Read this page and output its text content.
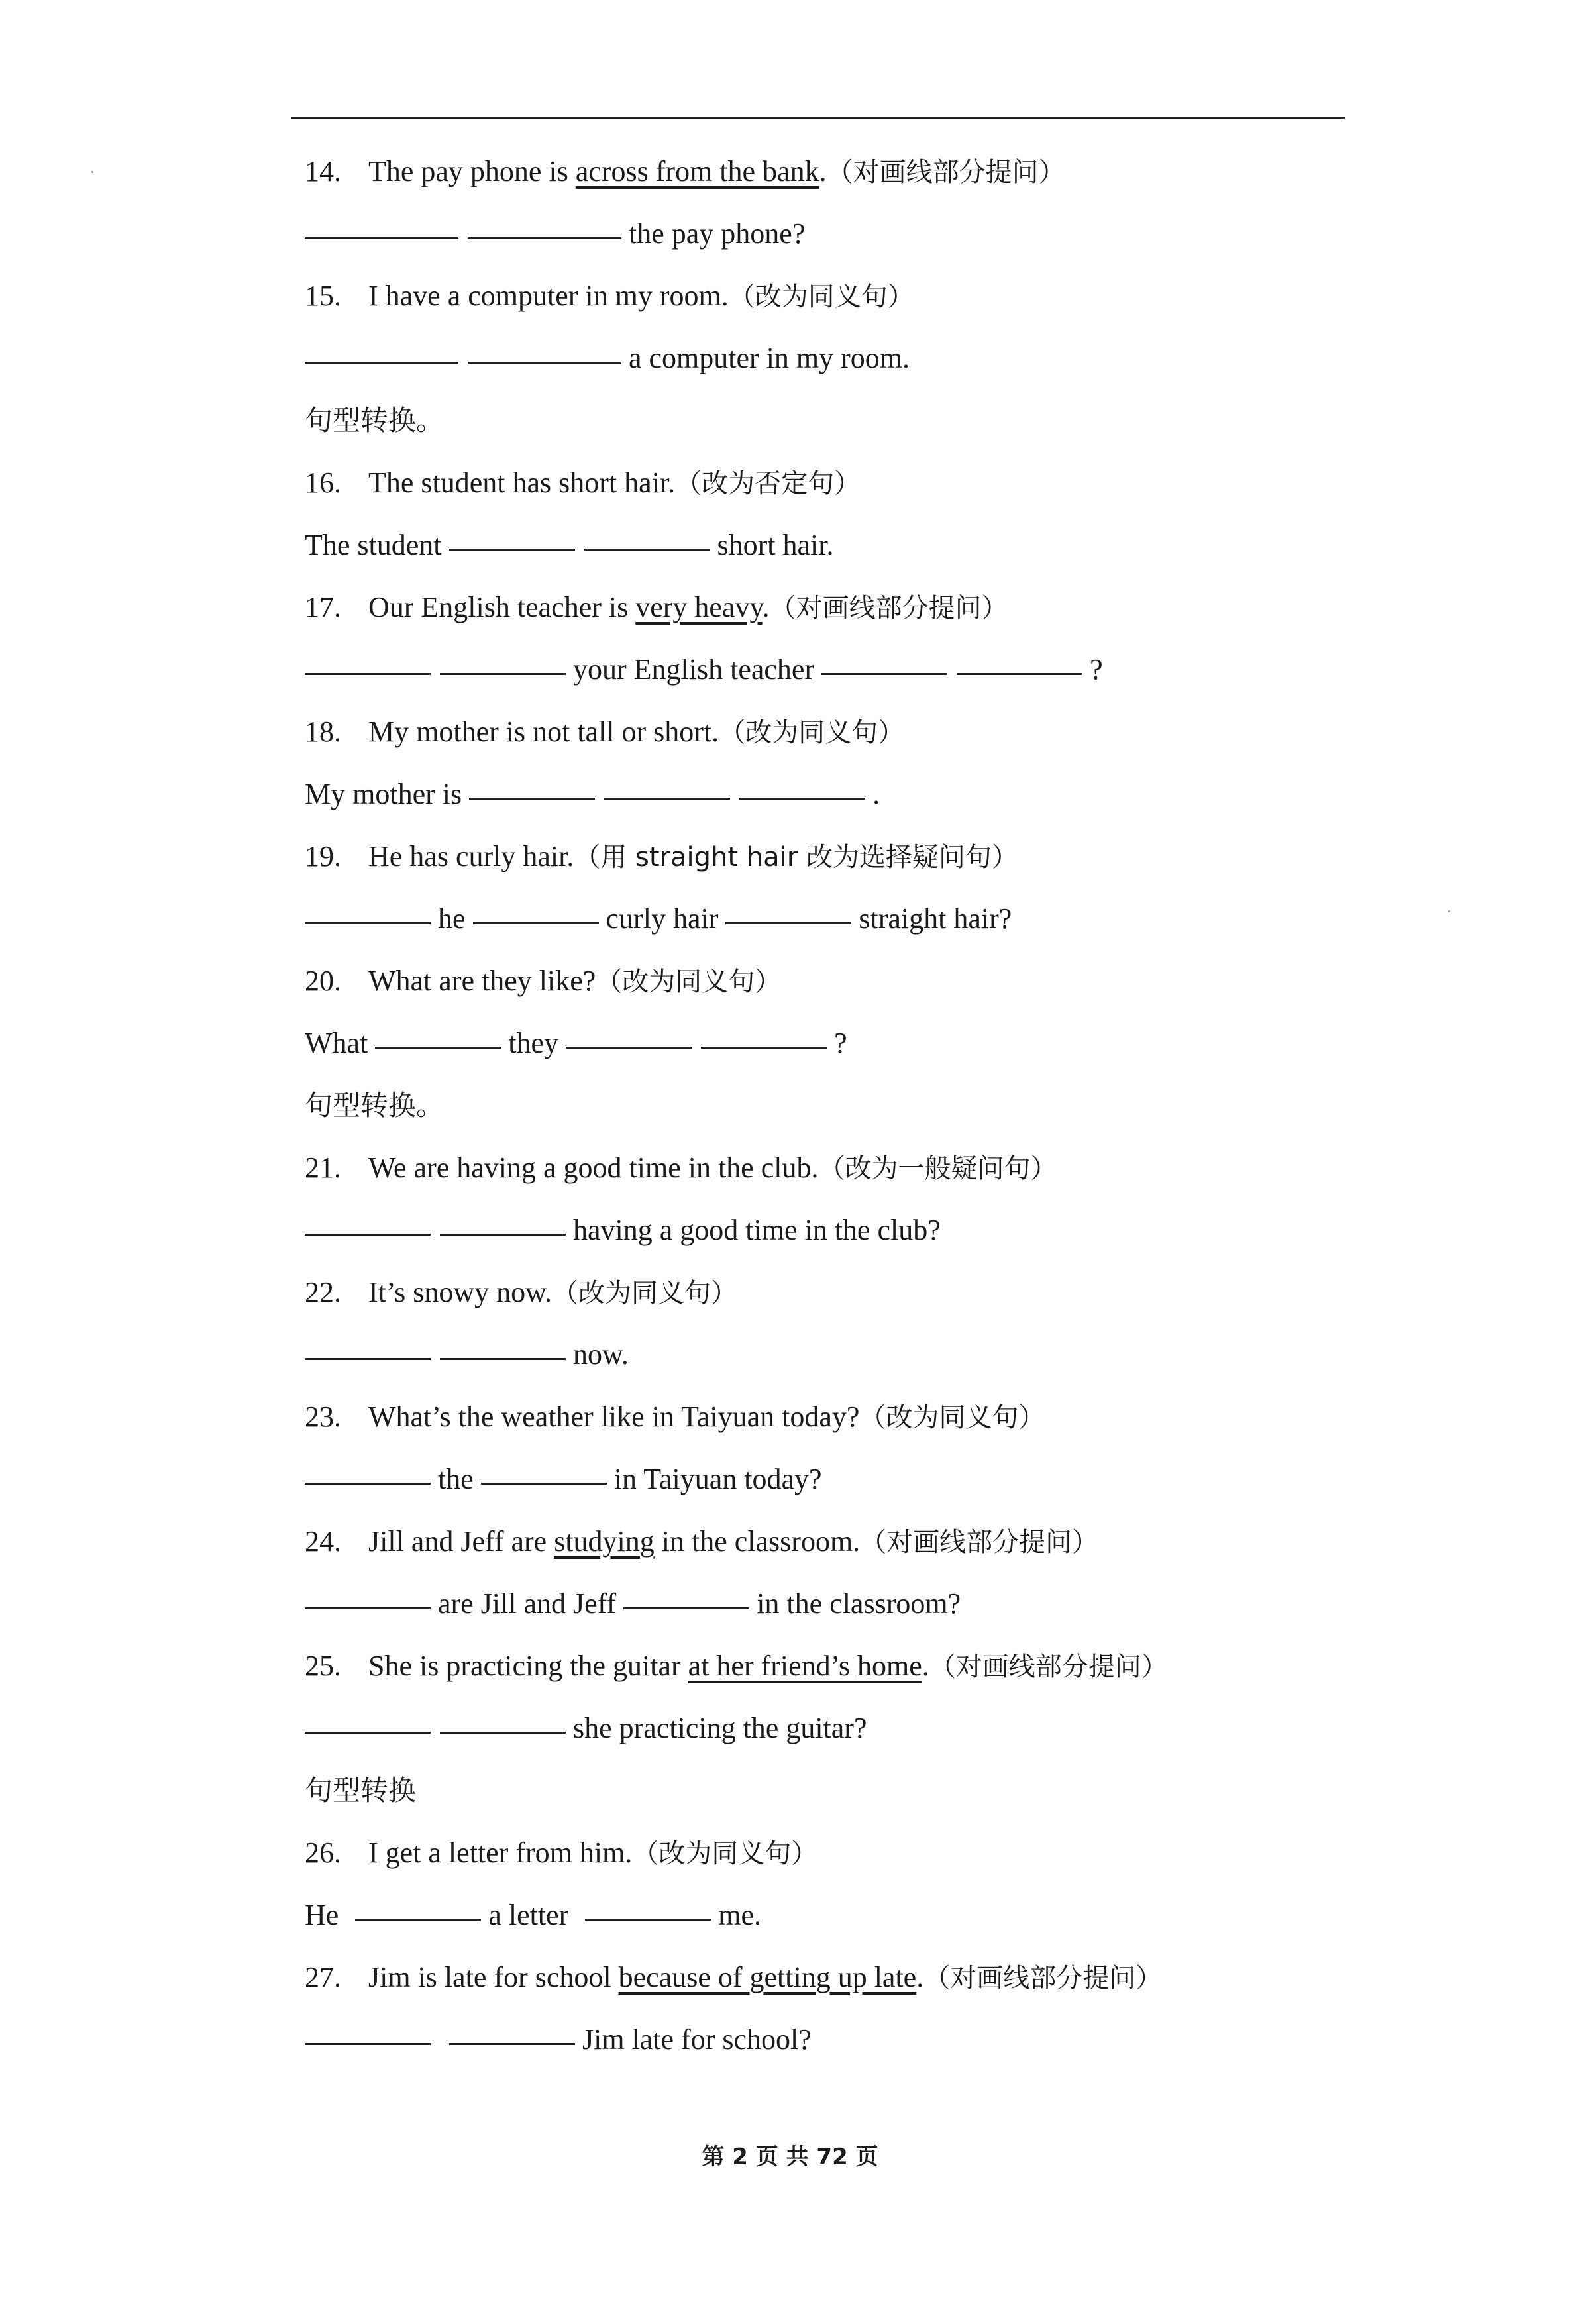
14. The pay phone is across from the bank.（对画线部分提问）
the pay phone?
15. I have a computer in my room.（改为同义句）
a computer in my room.
句型转换。
16. The student has short hair.（改为否定句）
The student	short hair.
17. Our English teacher is very heavy.（对画线部分提问）
your English teacher	?
18. My mother is not tall or short.（改为同义句）
My mother is	.
19. He has curly hair.（用 straight hair 改为选择疑问句）
he	curly hair	straight hair?
20. What are they like?（改为同义句）
What	they	?
句型转换。
21. We are having a good time in the club.（改为一般疑问句）
having a good time in the club?
22. It’s snowy now.（改为同义句）
now.
23. What’s the weather like in Taiyuan today?（改为同义句）
the	in Taiyuan today?
24. Jill and Jeff are studying in the classroom.（对画线部分提问）
are Jill and Jeff	in the classroom?
25. She is practicing the guitar at her friend’s home.（对画线部分提问）
she practicing the guitar?
句型转换
26. I get a letter from him.（改为同义句）
He	a letter	me.
27. Jim is late for school because of getting up late.（对画线部分提问）
Jim late for school?
第 2 页 共 72 页
